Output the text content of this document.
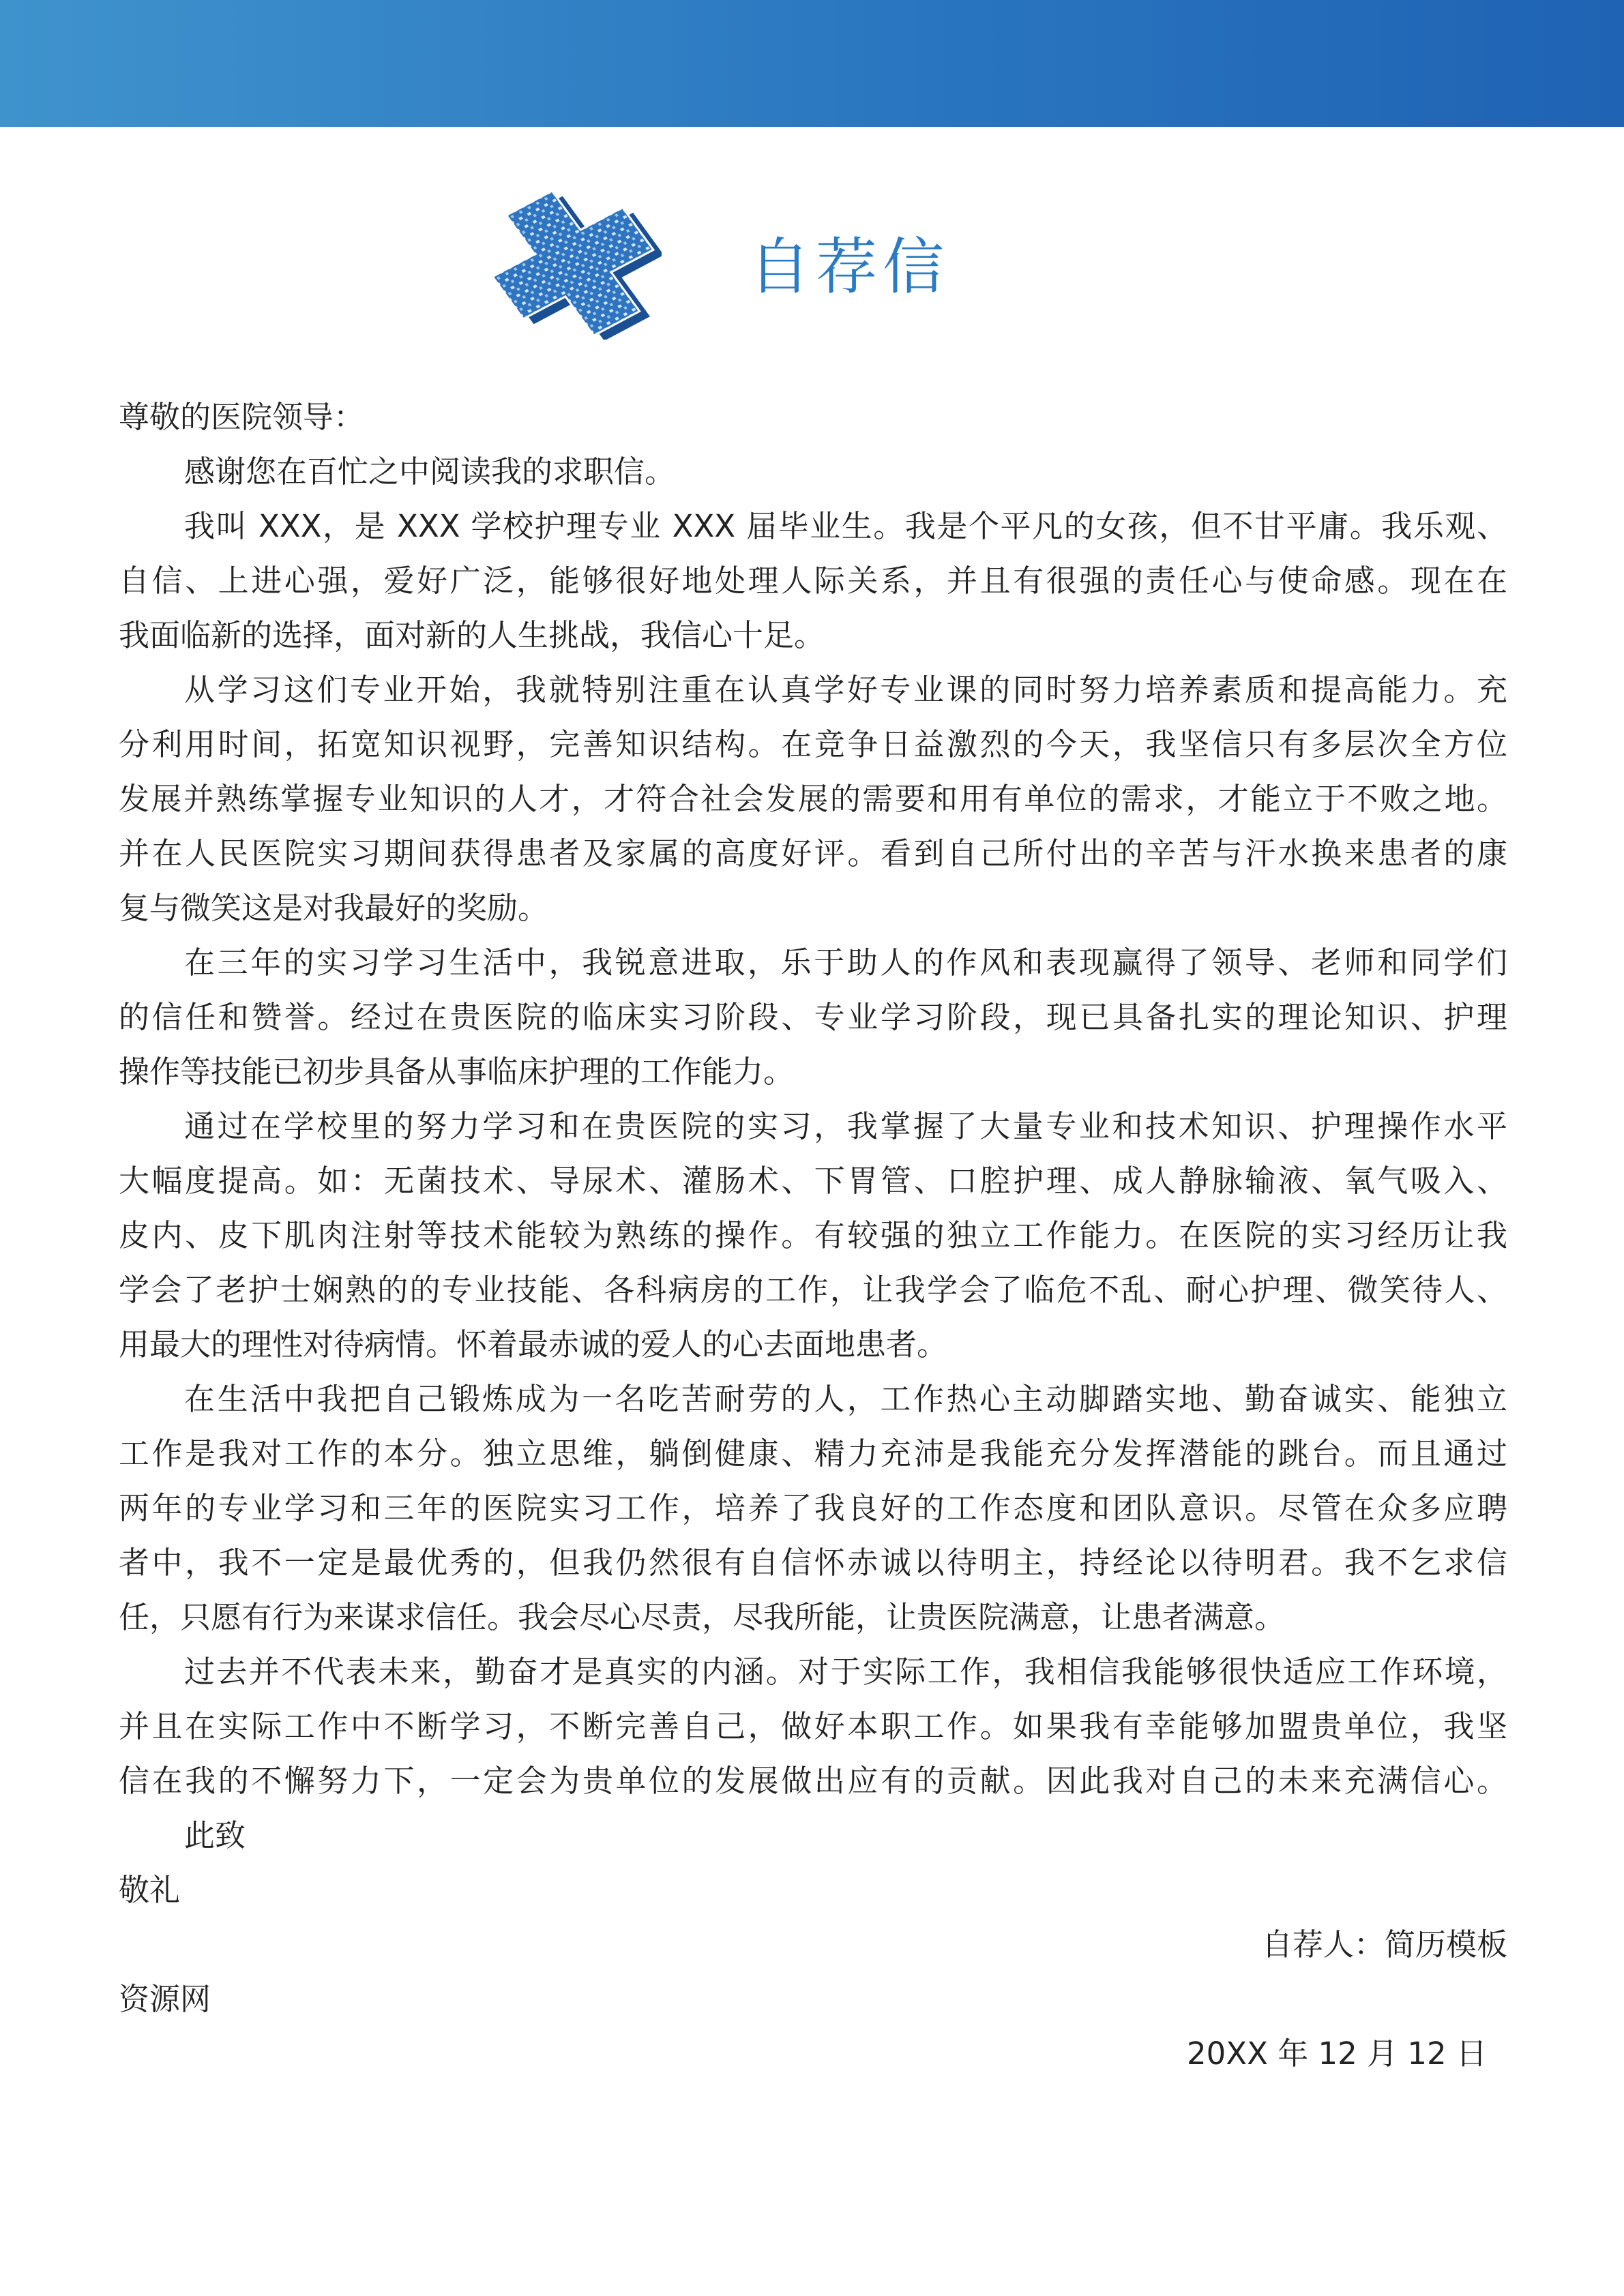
自荐信
尊敬的医院领导：
感谢您在百忙之中阅读我的求职信。
我叫 XXX，是 XXX 学校护理专业 XXX 届毕业生。我是个平凡的女孩，但不甘平庸。我乐观、
自信、上进心强，爱好广泛，能够很好地处理人际关系，并且有很强的责任心与使命感。现在在
我面临新的选择，面对新的人生挑战，我信心十足。
从学习这们专业开始，我就特别注重在认真学好专业课的同时努力培养素质和提高能力。充
分利用时间，拓宽知识视野，完善知识结构。在竞争日益激烈的今天，我坚信只有多层次全方位
发展并熟练掌握专业知识的人才，才符合社会发展的需要和用有单位的需求，才能立于不败之地。
并在人民医院实习期间获得患者及家属的高度好评。看到自己所付出的辛苦与汗水换来患者的康
复与微笑这是对我最好的奖励。
在三年的实习学习生活中，我锐意进取，乐于助人的作风和表现赢得了领导、老师和同学们
的信任和赞誉。经过在贵医院的临床实习阶段、专业学习阶段，现已具备扎实的理论知识、护理
操作等技能已初步具备从事临床护理的工作能力。
通过在学校里的努力学习和在贵医院的实习，我掌握了大量专业和技术知识、护理操作水平
大幅度提高。如：无菌技术、导尿术、灌肠术、下胃管、口腔护理、成人静脉输液、氧气吸入、
皮内、皮下肌肉注射等技术能较为熟练的操作。有较强的独立工作能力。在医院的实习经历让我
学会了老护士娴熟的的专业技能、各科病房的工作，让我学会了临危不乱、耐心护理、微笑待人、
用最大的理性对待病情。怀着最赤诚的爱人的心去面地患者。
在生活中我把自己锻炼成为一名吃苦耐劳的人，工作热心主动脚踏实地、勤奋诚实、能独立
工作是我对工作的本分。独立思维，躺倒健康、精力充沛是我能充分发挥潜能的跳台。而且通过
两年的专业学习和三年的医院实习工作，培养了我良好的工作态度和团队意识。尽管在众多应聘
者中，我不一定是最优秀的，但我仍然很有自信怀赤诚以待明主，持经论以待明君。我不乞求信
任，只愿有行为来谋求信任。我会尽心尽责，尽我所能，让贵医院满意，让患者满意。
过去并不代表未来，勤奋才是真实的内涵。对于实际工作，我相信我能够很快适应工作环境，
并且在实际工作中不断学习，不断完善自己，做好本职工作。如果我有幸能够加盟贵单位，我坚
信在我的不懈努力下，一定会为贵单位的发展做出应有的贡献。因此我对自己的未来充满信心。
此致
敬礼
自荐人：简历模板
资源网
20XX 年 12 月 12 日
